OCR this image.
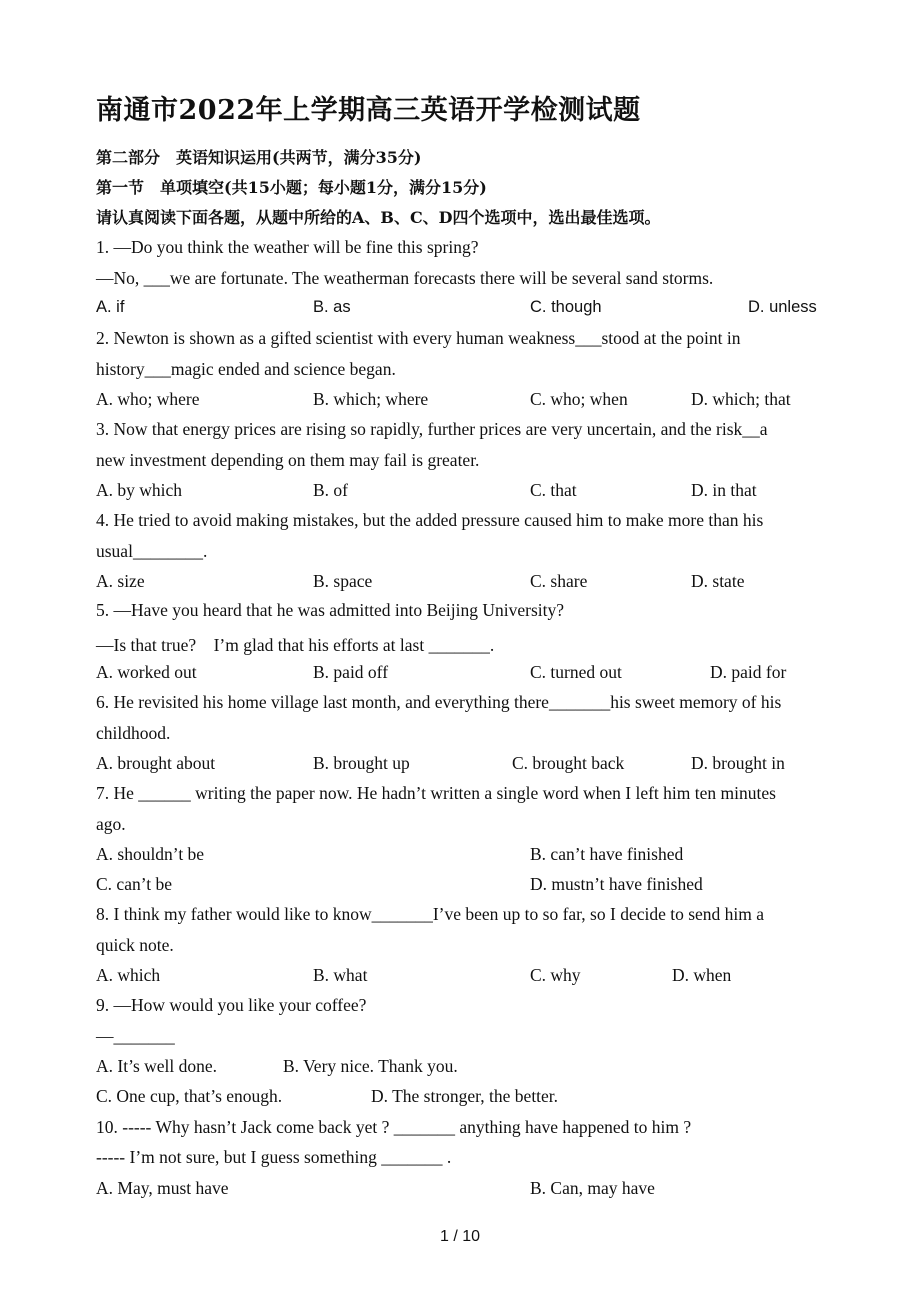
南通市2022年上学期高三英语开学检测试题
第二部分　英语知识运用(共两节，满分35分)
第一节　单项填空(共15小题；每小题1分，满分15分)
请认真阅读下面各题，从题中所给的A、B、C、D四个选项中，选出最佳选项。
1. —Do you think the weather will be fine this spring?
—No, ___we are fortunate. The weatherman forecasts there will be several sand storms.
A. if	B. as	C. though	D. unless
2. Newton is shown as a gifted scientist with every human weakness___stood at the point in
history___magic ended and science began.
A. who; where	B. which; where	C. who; when	D. which; that
3. Now that energy prices are rising so rapidly, further prices are very uncertain, and the risk__a
new investment depending on them may fail is greater.
A. by which	B. of	C. that	D. in that
4. He tried to avoid making mistakes, but the added pressure caused him to make more than his
usual________.
A. size	B. space	C. share	D. state
5. —Have you heard that he was admitted into Beijing University?
—Is that true?　I’m glad that his efforts at last _______.
A. worked out	B. paid off	C. turned out	D. paid for
6. He revisited his home village last month, and everything there_______his sweet memory of his
childhood.
A. brought about	B. brought up	C. brought back	D. brought in
7. He ______ writing the paper now. He hadn’t written a single word when I left him ten minutes
ago.
A. shouldn’t be	B. can’t have finished
C. can’t be	D. mustn’t have finished
8. I think my father would like to know_______I’ve been up to so far, so I decide to send him a
quick note.
A. which	B. what	C. why	D. when
9. —How would you like your coffee?
—_______
A. It’s well done.	B. Very nice. Thank you.
C. One cup, that’s enough.	D. The stronger, the better.
10. ----- Why hasn’t Jack come back yet ? _______ anything have happened to him ?
----- I’m not sure, but I guess something _______ .
A. May, must have	B. Can, may have
1 / 10
